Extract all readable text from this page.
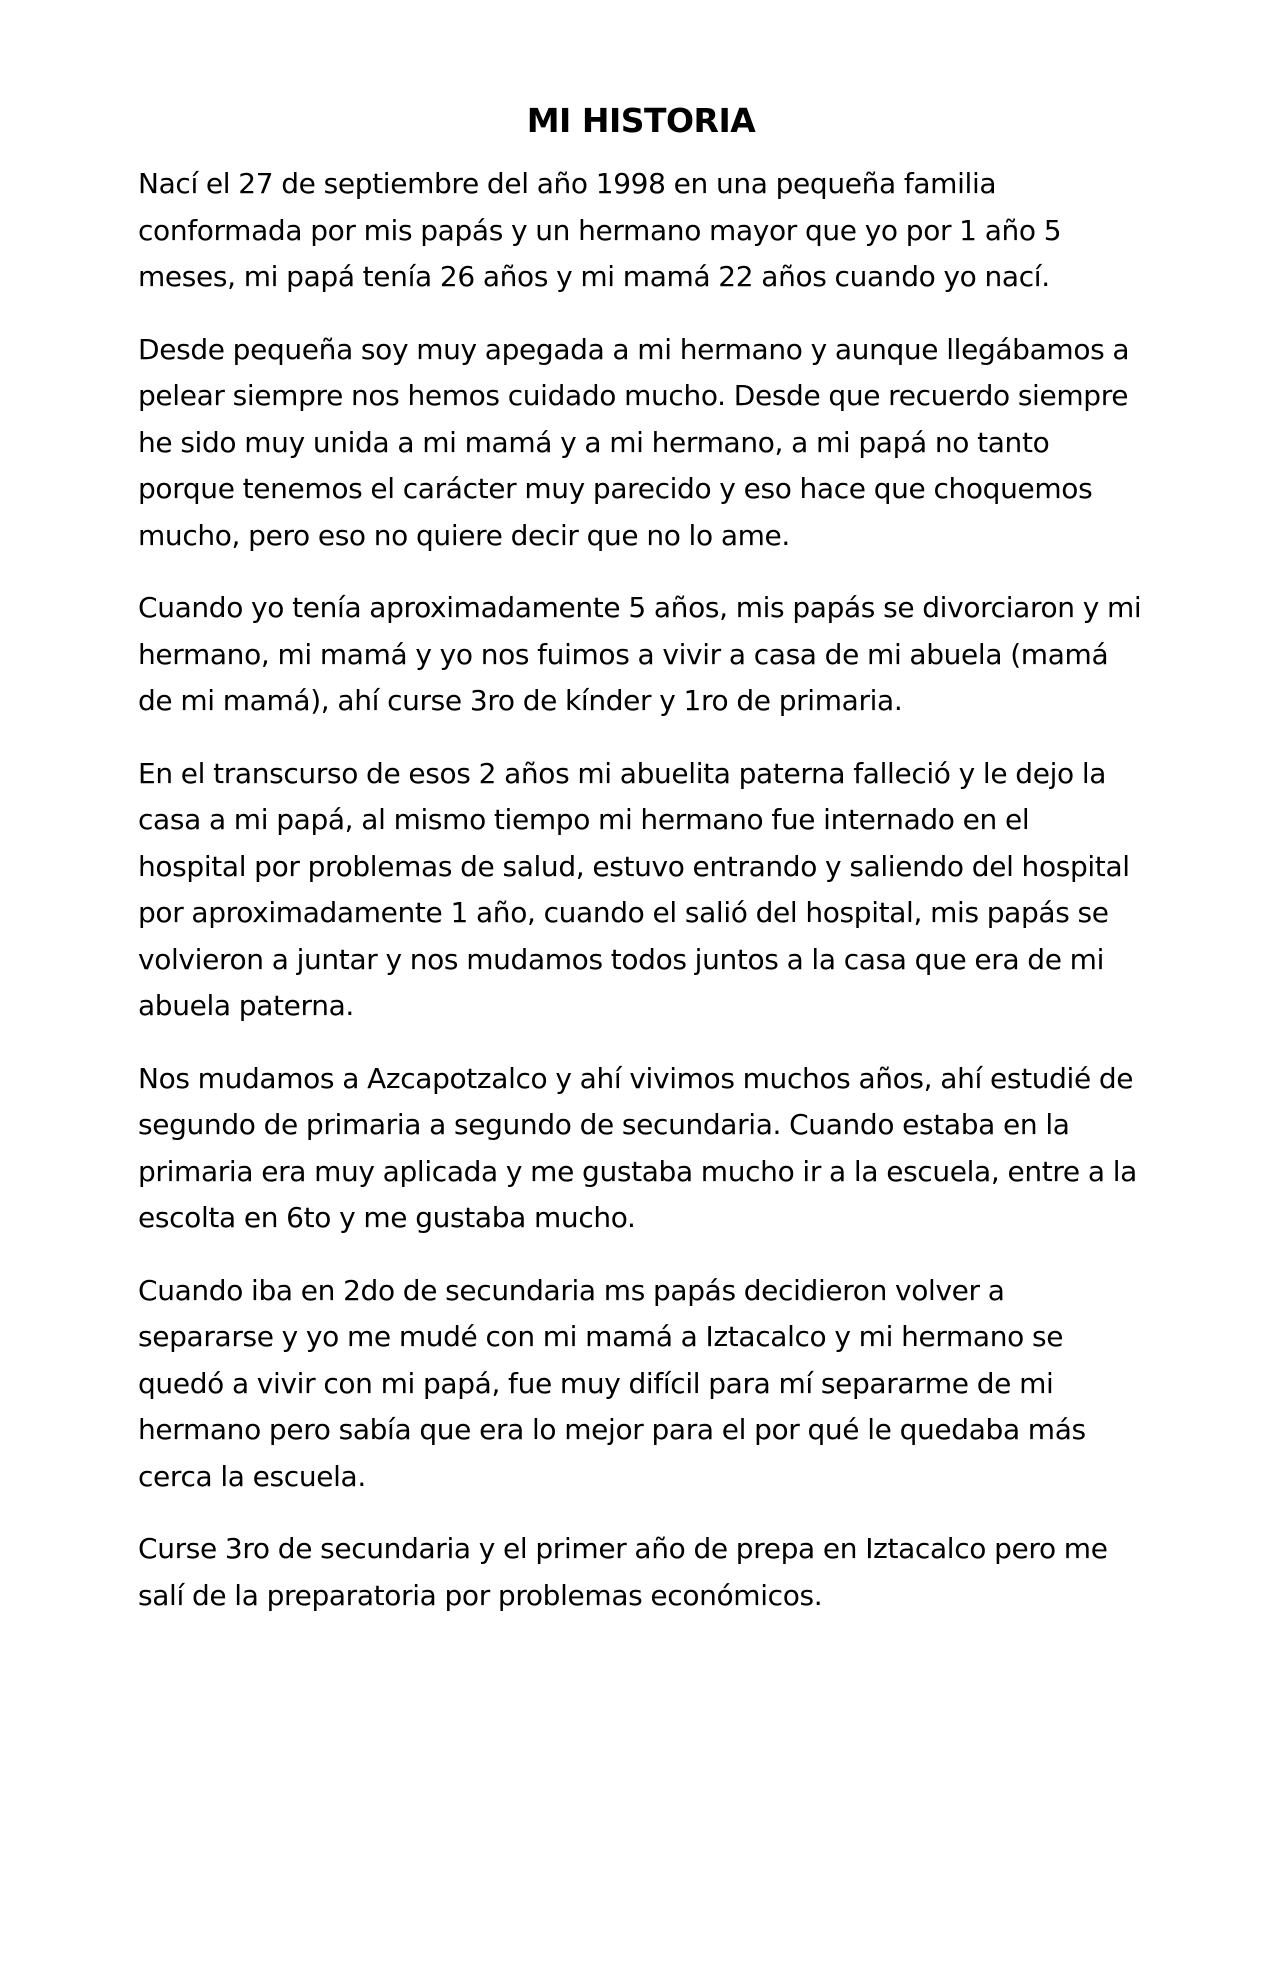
MI HISTORIA

Nací el 27 de septiembre del año 1998 en una pequeña familia conformada por mis papás y un hermano mayor que yo por 1 año 5 meses, mi papá tenía 26 años y mi mamá 22 años cuando yo nací.

Desde pequeña soy muy apegada a mi hermano y aunque llegábamos a pelear siempre nos hemos cuidado mucho. Desde que recuerdo siempre he sido muy unida a mi mamá y a mi hermano, a mi papá no tanto porque tenemos el carácter muy parecido y eso hace que choquemos mucho, pero eso no quiere decir que no lo ame.

Cuando yo tenía aproximadamente 5 años, mis papás se divorciaron y mi hermano, mi mamá y yo nos fuimos a vivir a casa de mi abuela (mamá de mi mamá), ahí curse 3ro de kínder y 1ro de primaria.

En el transcurso de esos 2 años mi abuelita paterna falleció y le dejo la casa a mi papá, al mismo tiempo mi hermano fue internado en el hospital por problemas de salud, estuvo entrando y saliendo del hospital por aproximadamente 1 año, cuando el salió del hospital, mis papás se volvieron a juntar y nos mudamos todos juntos a la casa que era de mi abuela paterna.

Nos mudamos a Azcapotzalco y ahí vivimos muchos años, ahí estudié de segundo de primaria a segundo de secundaria. Cuando estaba en la primaria era muy aplicada y me gustaba mucho ir a la escuela, entre a la escolta en 6to y me gustaba mucho.

Cuando iba en 2do de secundaria ms papás decidieron volver a separarse y yo me mudé con mi mamá a Iztacalco y mi hermano se quedó a vivir con mi papá, fue muy difícil para mí separarme de mi hermano pero sabía que era lo mejor para el por qué le quedaba más cerca la escuela.

Curse 3ro de secundaria y el primer año de prepa en Iztacalco pero me salí de la preparatoria por problemas económicos.
